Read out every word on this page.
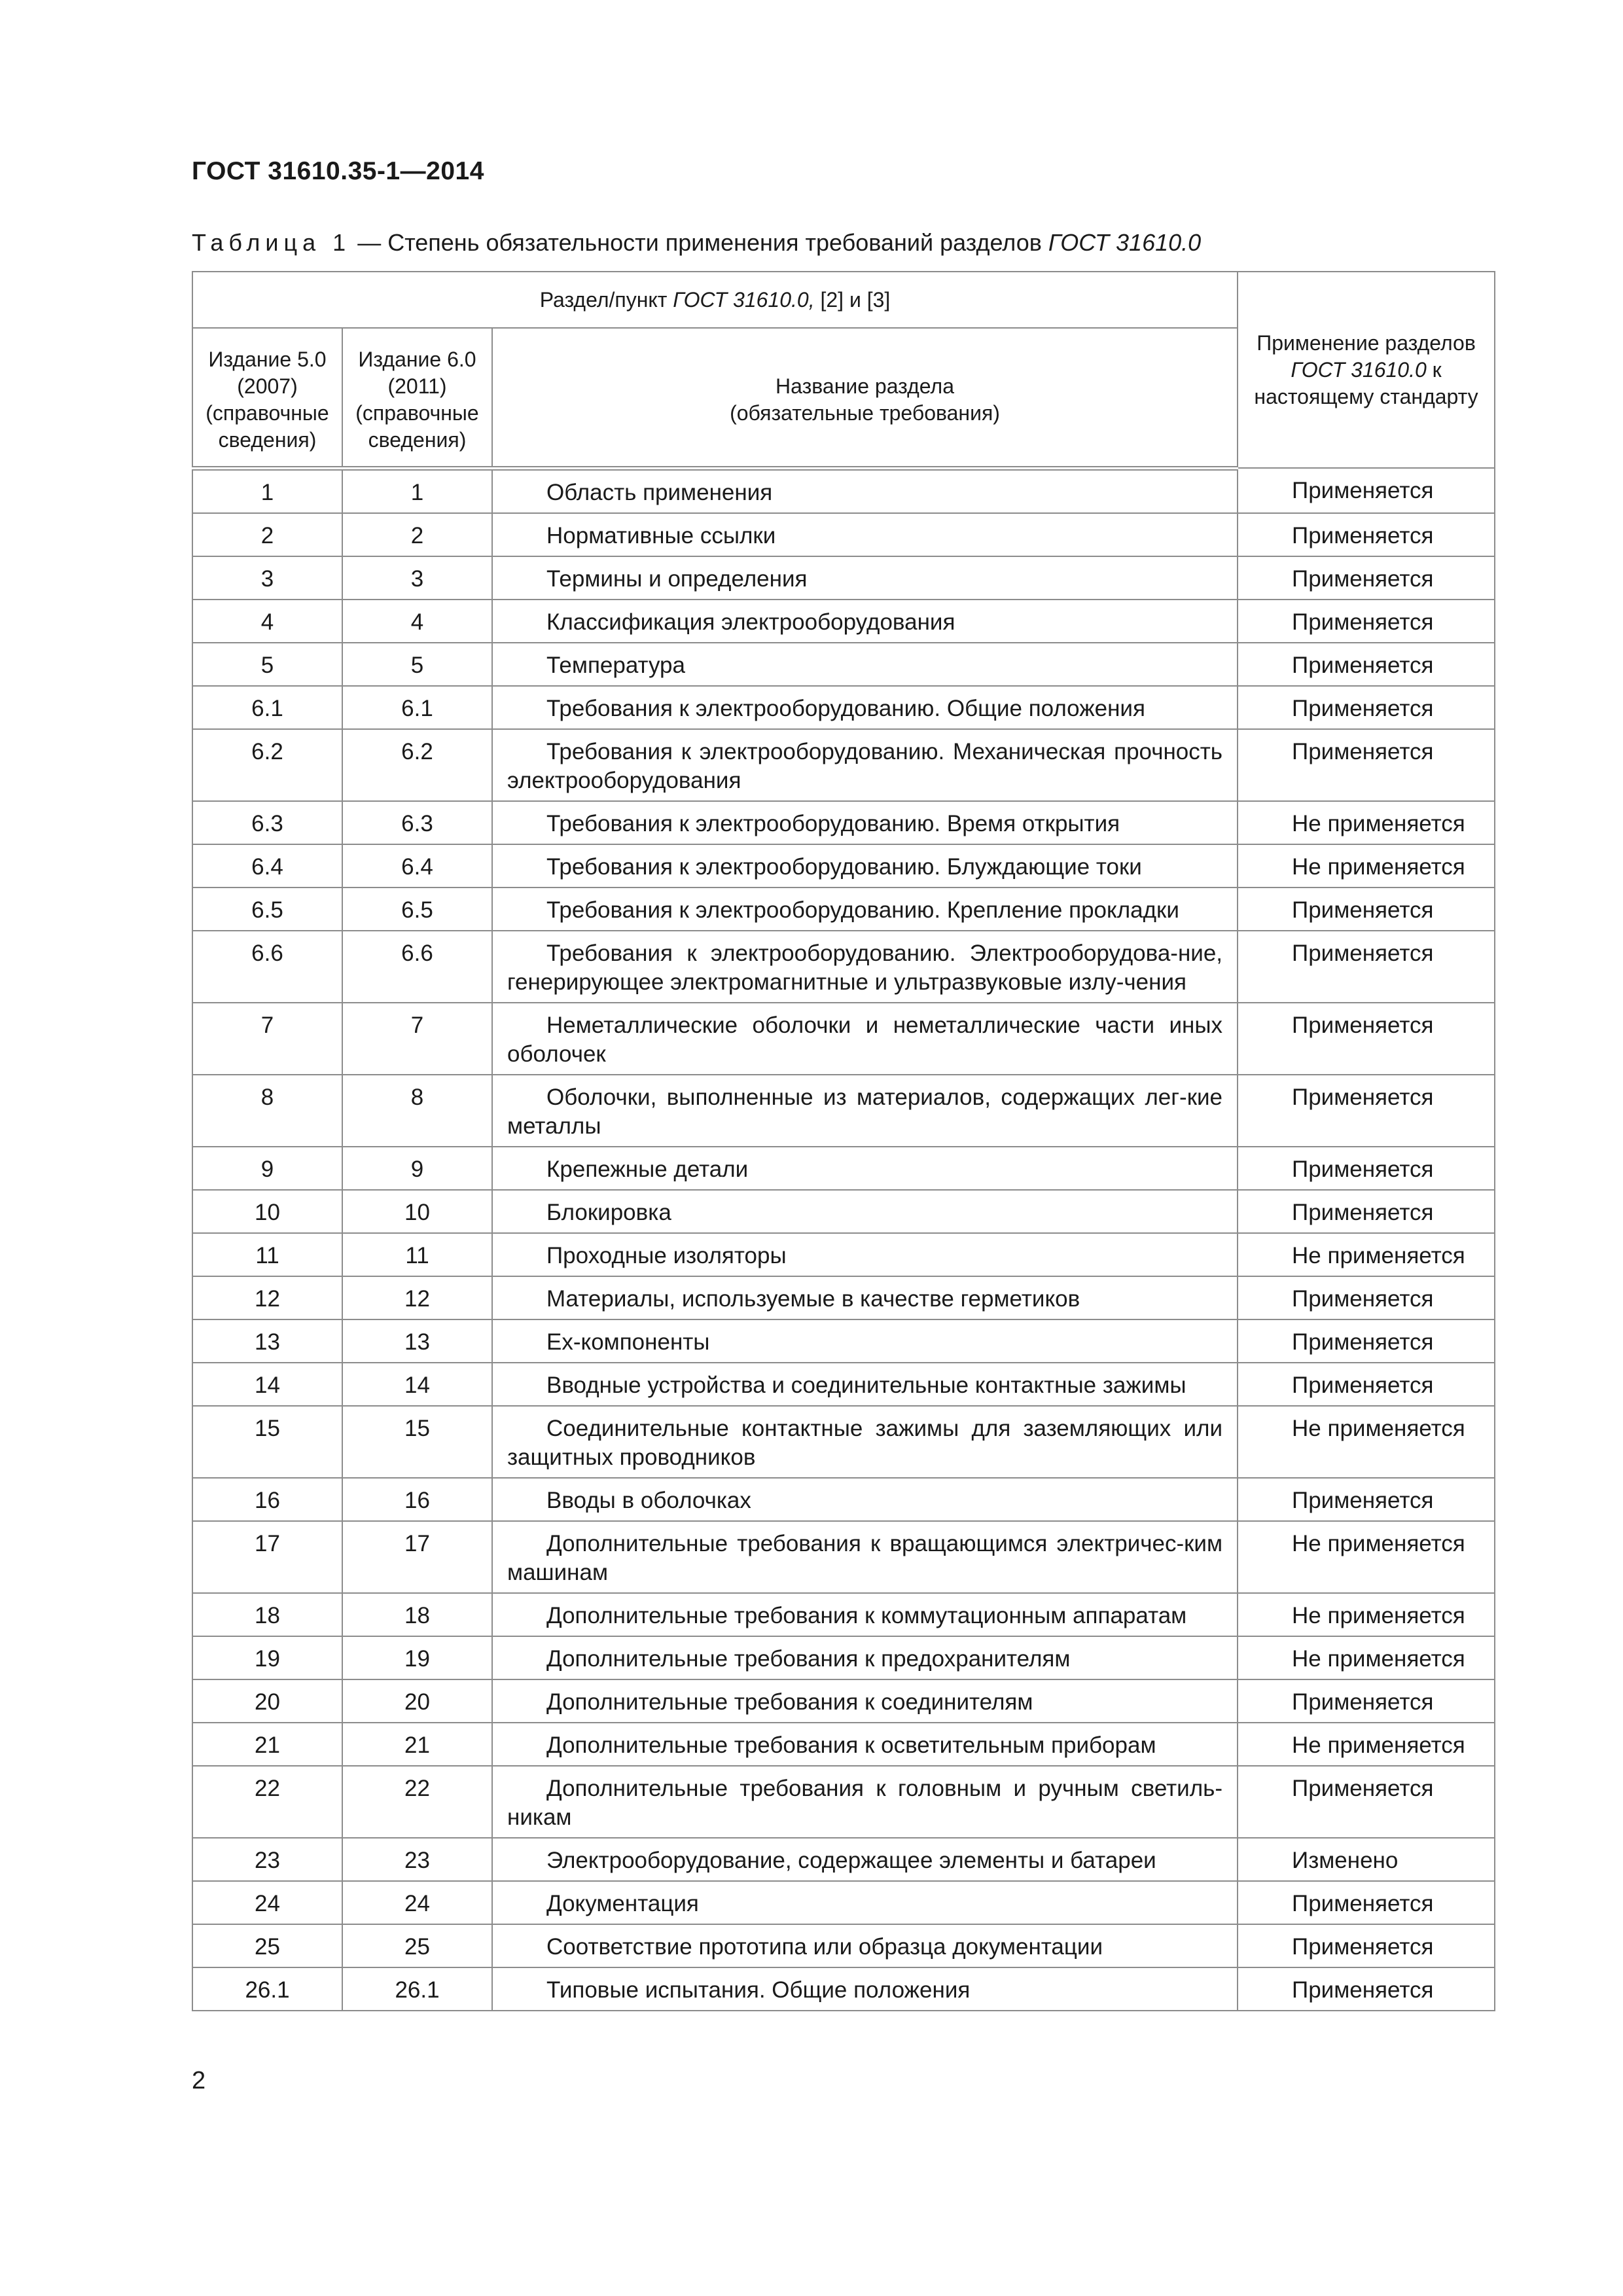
ГОСТ 31610.35-1—2014

Таблица 1 — Степень обязательности применения требований разделов ГОСТ 31610.0

Раздел/пункт ГОСТ 31610.0, [2] и [3]			Применение разделов
ГОСТ 31610.0 к настоящему стандарту
Издание 5.0 (2007) (справочные сведения)	Издание 6.0 (2011) (справочные сведения)	Название раздела
(обязательные требования)	
1	1	Область применения	Применяется
2	2	Нормативные ссылки	Применяется
3	3	Термины и определения	Применяется
4	4	Классификация электрооборудования	Применяется
5	5	Температура	Применяется
6.1	6.1	Требования к электрооборудованию. Общие положения	Применяется
6.2	6.2	Требования к электрооборудованию. Механическая прочность электрооборудования	Применяется
6.3	6.3	Требования к электрооборудованию. Время открытия	Не применяется
6.4	6.4	Требования к электрооборудованию. Блуждающие токи	Не применяется
6.5	6.5	Требования к электрооборудованию. Крепление прокладки	Применяется
6.6	6.6	Требования к электрооборудованию. Электрооборудова-ние, генерирующее электромагнитные и ультразвуковые излу-чения	Применяется
7	7	Неметаллические оболочки и неметаллические части иных оболочек	Применяется
8	8	Оболочки, выполненные из материалов, содержащих лег-кие металлы	Применяется
9	9	Крепежные детали	Применяется
10	10	Блокировка	Применяется
11	11	Проходные изоляторы	Не применяется
12	12	Материалы, используемые в качестве герметиков	Применяется
13	13	Ex-компоненты	Применяется
14	14	Вводные устройства и соединительные контактные зажимы	Применяется
15	15	Соединительные контактные зажимы для заземляющих или защитных проводников	Не применяется
16	16	Вводы в оболочках	Применяется
17	17	Дополнительные требования к вращающимся электричес-ким машинам	Не применяется
18	18	Дополнительные требования к коммутационным аппаратам	Не применяется
19	19	Дополнительные требования к предохранителям	Не применяется
20	20	Дополнительные требования к соединителям	Применяется
21	21	Дополнительные требования к осветительным приборам	Не применяется
22	22	Дополнительные требования к головным и ручным светиль-никам	Применяется
23	23	Электрооборудование, содержащее элементы и батареи	Изменено
24	24	Документация	Применяется
25	25	Соответствие прототипа или образца документации	Применяется
26.1	26.1	Типовые испытания. Общие положения	Применяется

2
